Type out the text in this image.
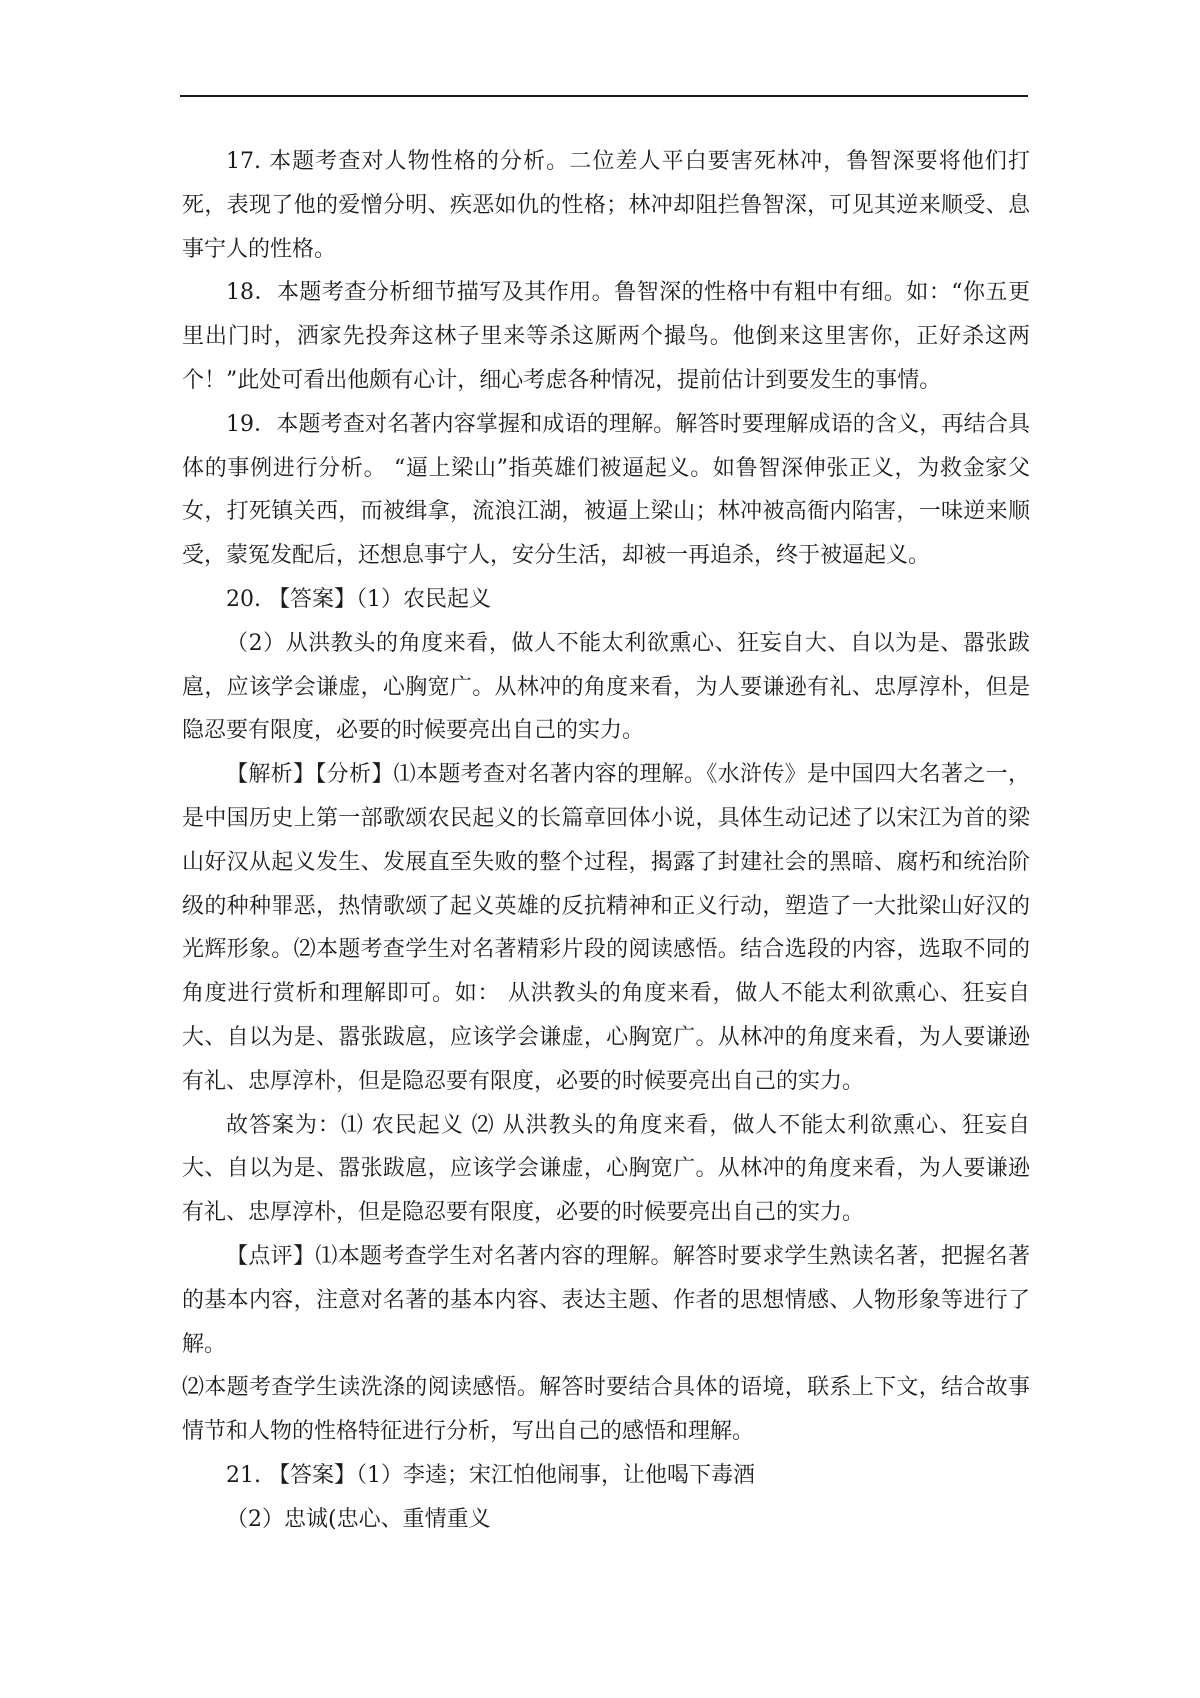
17. 本题考查对人物性格的分析。二位差人平白要害死林冲，鲁智深要将他们打死，表现了他的爱憎分明、疾恶如仇的性格；林冲却阻拦鲁智深，可见其逆来顺受、息事宁人的性格。

18．本题考查分析细节描写及其作用。鲁智深的性格中有粗中有细。如：“你五更里出门时，洒家先投奔这林子里来等杀这厮两个撮鸟。他倒来这里害你，正好杀这两个！”此处可看出他颇有心计，细心考虑各种情况，提前估计到要发生的事情。

19．本题考查对名著内容掌握和成语的理解。解答时要理解成语的含义，再结合具体的事例进行分析。 “逼上梁山”指英雄们被逼起义。如鲁智深伸张正义，为救金家父女，打死镇关西，而被缉拿，流浪江湖，被逼上梁山；林冲被高衙内陷害，一味逆来顺受，蒙冤发配后，还想息事宁人，安分生活，却被一再追杀，终于被逼起义。

20. 【答案】（1）农民起义

（2）从洪教头的角度来看，做人不能太利欲熏心、狂妄自大、自以为是、嚣张跋扈，应该学会谦虚，心胸宽广。从林冲的角度来看，为人要谦逊有礼、忠厚淳朴，但是隐忍要有限度，必要的时候要亮出自己的实力。

【解析】【分析】⑴本题考查对名著内容的理解。《水浒传》是中国四大名著之一，是中国历史上第一部歌颂农民起义的长篇章回体小说，具体生动记述了以宋江为首的梁山好汉从起义发生、发展直至失败的整个过程，揭露了封建社会的黑暗、腐朽和统治阶级的种种罪恶，热情歌颂了起义英雄的反抗精神和正义行动，塑造了一大批梁山好汉的光辉形象。⑵本题考查学生对名著精彩片段的阅读感悟。结合选段的内容，选取不同的角度进行赏析和理解即可。如： 从洪教头的角度来看，做人不能太利欲熏心、狂妄自大、自以为是、嚣张跋扈，应该学会谦虚，心胸宽广。从林冲的角度来看，为人要谦逊有礼、忠厚淳朴，但是隐忍要有限度，必要的时候要亮出自己的实力。

故答案为：⑴ 农民起义 ⑵ 从洪教头的角度来看，做人不能太利欲熏心、狂妄自大、自以为是、嚣张跋扈，应该学会谦虚，心胸宽广。从林冲的角度来看，为人要谦逊有礼、忠厚淳朴，但是隐忍要有限度，必要的时候要亮出自己的实力。

【点评】⑴本题考查学生对名著内容的理解。解答时要求学生熟读名著，把握名著的基本内容，注意对名著的基本内容、表达主题、作者的思想情感、人物形象等进行了解。

⑵本题考查学生读洗涤的阅读感悟。解答时要结合具体的语境，联系上下文，结合故事情节和人物的性格特征进行分析，写出自己的感悟和理解。

21. 【答案】（1）李逵；宋江怕他闹事，让他喝下毒酒

（2）忠诚(忠心、重情重义
